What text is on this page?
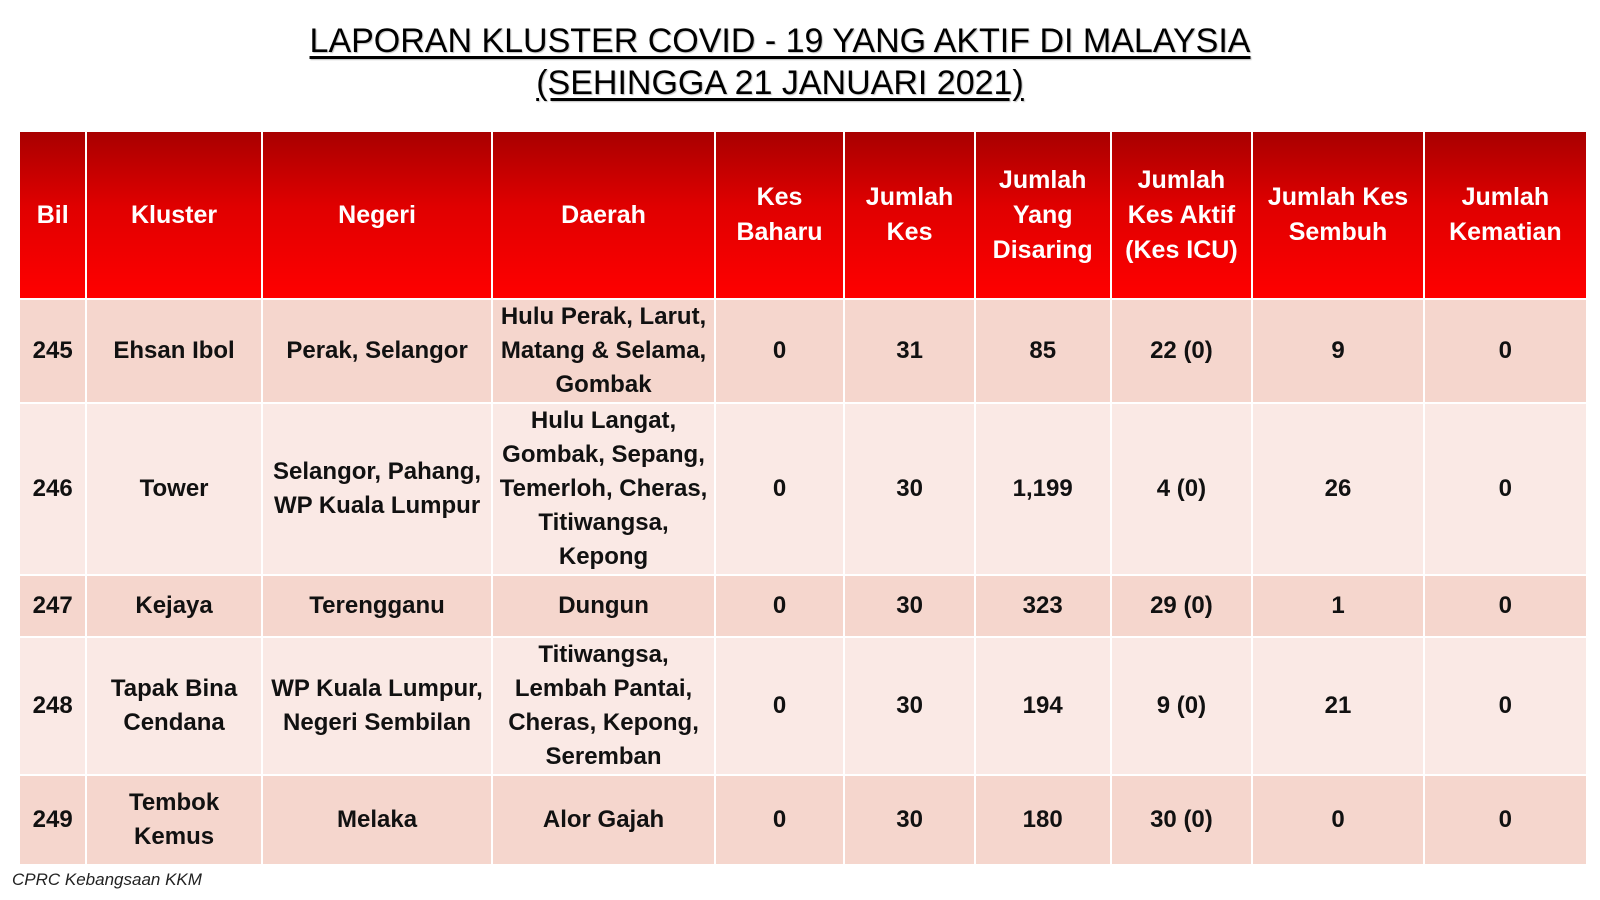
LAPORAN KLUSTER COVID - 19 YANG AKTIF DI MALAYSIA
(SEHINGGA 21 JANUARI 2021)
Bil	Kluster	Negeri	Daerah	Kes Baharu	Jumlah Kes	Jumlah Yang Disaring	Jumlah Kes Aktif (Kes ICU)	Jumlah Kes Sembuh	Jumlah Kematian
245	Ehsan Ibol	Perak, Selangor	Hulu Perak, Larut, Matang & Selama, Gombak	0	31	85	22 (0)	9	0
246	Tower	Selangor, Pahang, WP Kuala Lumpur	Hulu Langat, Gombak, Sepang, Temerloh, Cheras, Titiwangsa, Kepong	0	30	1,199	4 (0)	26	0
247	Kejaya	Terengganu	Dungun	0	30	323	29 (0)	1	0
248	Tapak Bina Cendana	WP Kuala Lumpur, Negeri Sembilan	Titiwangsa, Lembah Pantai, Cheras, Kepong, Seremban	0	30	194	9 (0)	21	0
249	Tembok Kemus	Melaka	Alor Gajah	0	30	180	30 (0)	0	0
CPRC Kebangsaan KKM
